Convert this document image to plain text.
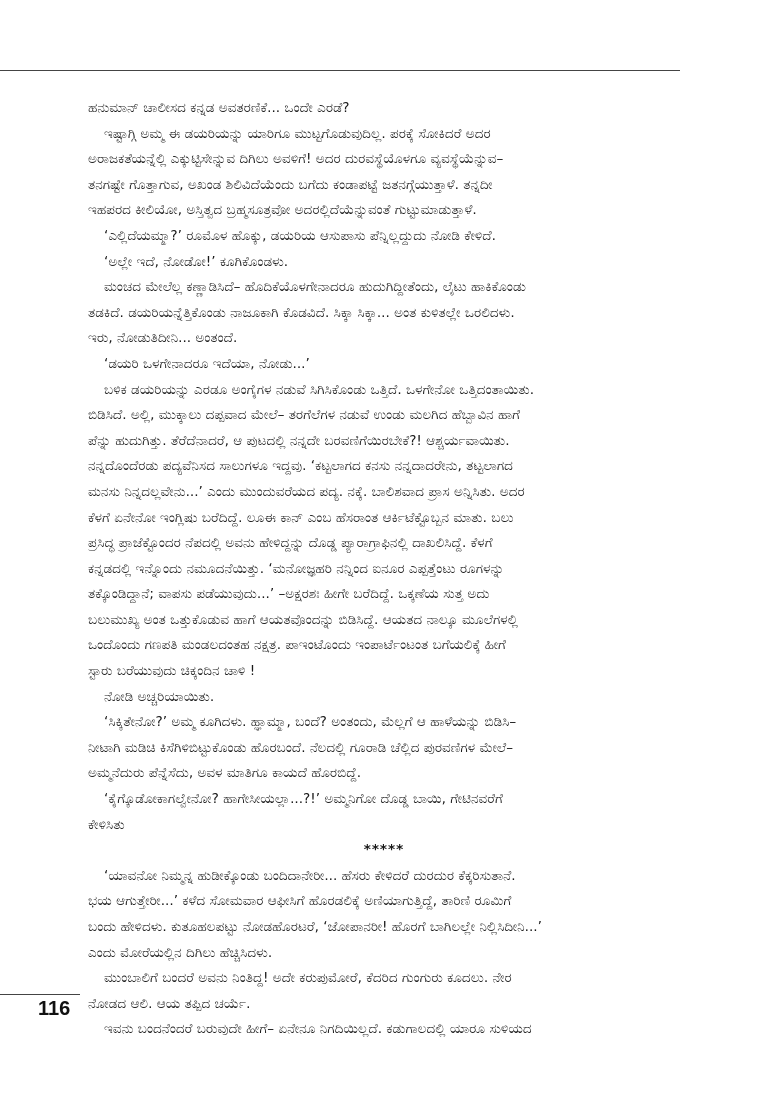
ಹನುಮಾನ್ ಚಾಲೀಸದ ಕನ್ನಡ ಅವತರಣಿಕೆ... ಒಂದೇ ಎರಡೆ?
ಇಷ್ಟಾಗ್ಗಿ ಅಮ್ಮ ಈ ಡಯರಿಯನ್ನು ಯಾರಿಗೂ ಮುಟ್ಟಗೊಡುವುದಿಲ್ಲ. ಪರಕ್ಕೆ ಸೋಕಿದರೆ ಅದರ
ಅರಾಜಕತೆಯನ್ನೆಲ್ಲಿ ಎಕ್ಕುಟ್ಟಿಸೇನ್ನುವ ದಿಗಿಲು ಅವಳಿಗೆ! ಅದರ ದುರವಸ್ಥೆಯೊಳಗೂ ವ್ಯವಸ್ಥೆಯೆನ್ನುವ–
ತನಗಷ್ಟೇ ಗೊತ್ತಾಗುವ, ಅಖಂಡ ಶಿಲಿವಿದೆಯೆಂದು ಬಗೆದು ಕಂಡಾಪಟ್ಟೆ ಜತನಗ್ಗೆಯುತ್ತಾಳೆ. ತನ್ನದೀ
ಇಹಪರದ ಕೀಲಿಯೋ, ಅಸ್ತಿತ್ವದ ಬ್ರಹ್ಮಸೂತ್ರವೋ ಅದರಲ್ಲಿದೆಯೆನ್ನುವಂತೆ ಗುಟ್ಟುಮಾಡುತ್ತಾಳೆ.
‘ಎಲ್ಲಿದೆಯಮ್ಮಾ?’ ರೂಮೊಳ ಹೊಕ್ಕು, ಡಯರಿಯ ಆಸುಪಾಸು ಪೆನ್ನಿಲ್ಲದ್ದುದು ನೋಡಿ ಕೇಳಿದೆ.
‘ಅಲ್ಲೇ ಇದೆ, ನೋಡೋ!’ ಕೂಗಿಕೊಂಡಳು.
ಮಂಚದ ಮೇಲೆಲ್ಲ ಕಣ್ಣಾಡಿಸಿದೆ– ಹೊದಿಕೆಯೊಳಗೇನಾದರೂ ಹುದುಗಿದ್ದೀತೆಂದು, ಲೈಟು ಹಾಕಿಕೊಂಡು
ತಡಕಿದೆ. ಡಯರಿಯನ್ನೆತ್ತಿಕೊಂಡು ನಾಜೂಕಾಗಿ ಕೊಡವಿದೆ. ಸಿಕ್ಕಾ ಸಿಕ್ಕಾ... ಅಂತ ಕುಳಿತಲ್ಲೇ ಒರಲಿದಳು.
ಇರು, ನೋಡುತಿದೀನಿ... ಅಂತಂದೆ.
‘ಡಯರಿ ಒಳಗೇನಾದರೂ ಇದೆಯಾ, ನೋಡು...’
ಬಳಿಕ ಡಯರಿಯನ್ನು ಎರಡೂ ಅಂಗೈಗಳ ನಡುವೆ ಸಿಗಿಸಿಕೊಂಡು ಒತ್ತಿದೆ. ಒಳಗೇನೋ ಒತ್ತಿದಂತಾಯಿತು.
ಬಿಡಿಸಿದೆ. ಅಲ್ಲಿ, ಮುಕ್ಕಾಲು ದಪ್ಪವಾದ ಮೇಲೆ– ತರಗೆಲೆಗಳ ನಡುವೆ ಉಂಡು ಮಲಗಿದ ಹೆಬ್ಬಾವಿನ ಹಾಗೆ
ಪೆನ್ನು ಹುದುಗಿತ್ತು. ತೆರೆದೆನಾದರೆ, ಆ ಪುಟದಲ್ಲಿ ನನ್ನದೇ ಬರವಣಿಗೆಯಿರಬೇಕೆ?! ಆಶ್ಚರ್ಯವಾಯಿತು.
ನನ್ನದೊಂದೆರಡು ಪದ್ಯವೆನಿಸದ ಸಾಲುಗಳೂ ಇದ್ದವು. ‘ಕಟ್ಟಲಾಗದ ಕನಸು ನನ್ನದಾದರೇನು, ತಟ್ಟಲಾಗದ
ಮನಸು ನಿನ್ನದಲ್ಲವೇನು...’ ಎಂದು ಮುಂದುವರೆಯದ ಪದ್ಯ. ನಕ್ಕೆ. ಬಾಲಿಶವಾದ ಪ್ರಾಸ ಅನ್ನಿಸಿತು. ಅದರ
ಕೆಳಗೆ ಏನೇನೋ ಇಂಗ್ಲಿಷು ಬರೆದಿದ್ದೆ. ಲೂಈ ಕಾನ್ ಎಂಬ ಹೆಸರಾಂತ ಆರ್ಕಿಟೆಕ್ಟೊಬ್ಬನ ಮಾತು. ಬಲು
ಪ್ರಸಿದ್ಧ ಪ್ರಾಜೆಕ್ಟೊಂದರ ನೆಪದಲ್ಲಿ ಅವನು ಹೇಳಿದ್ದನ್ನು ದೊಡ್ಡ ಪ್ಯಾರಾಗ್ರಾಫಿನಲ್ಲಿ ದಾಖಲಿಸಿದ್ದೆ. ಕೆಳಗೆ
ಕನ್ನಡದಲ್ಲಿ ಇನ್ನೊಂದು ನಮೂದನೆಯಿತ್ತು. ‘ಮನೋಜ್ಞಹರಿ ನನ್ನಿಂದ ಐನೂರ ಎಪ್ಪತ್ತೆಂಟು ರೂಗಳನ್ನು
ತಕ್ಕೊಂಡಿದ್ದಾನೆ; ವಾಪಸು ಪಡೆಯುವುದು...’ –ಅಕ್ಷರಶಃ ಹೀಗೇ ಬರೆದಿದ್ದೆ. ಒಕ್ಕಣೆಯ ಸುತ್ತ ಅದು
ಬಲುಮುಖ್ಯ ಅಂತ ಒತ್ತುಕೊಡುವ ಹಾಗೆ ಆಯತವೊಂದನ್ನು ಬಿಡಿಸಿದ್ದೆ. ಆಯತದ ನಾಲ್ಕೂ ಮೂಲೆಗಳಲ್ಲಿ
ಒಂದೊಂದು ಗಣಪತಿ ಮಂಡಲದಂತಹ ನಕ್ಷತ್ರ. ಪಾಇಂಟೊಂದು ಇಂಪಾರ್ಟೆಂಟಂತ ಬಗೆಯಲಿಕ್ಕೆ ಹೀಗೆ
ಸ್ಟಾರು ಬರೆಯುವುದು ಚಿಕ್ಕಂದಿನ ಚಾಳಿ !
ನೋಡಿ ಅಚ್ಚರಿಯಾಯಿತು.
‘ಸಿಕ್ಕಿತೇನೋ?’ ಅಮ್ಮ ಕೂಗಿದಳು. ಹ್ಞಾಮ್ಮಾ, ಬಂದೆ? ಅಂತಂದು, ಮೆಲ್ಲಗೆ ಆ ಹಾಳೆಯನ್ನು ಬಿಡಿಸಿ–
ನೀಟಾಗಿ ಮಡಿಚಿ ಕಿಸೆಗಿಳಿಬಿಟ್ಟುಕೊಂಡು ಹೊರಬಂದೆ. ನೆಲದಲ್ಲಿ ಗೂರಾಡಿ ಚೆಲ್ಲಿದ ಪುರವಣಿಗಳ ಮೇಲೆ–
ಅಮ್ಮನೆದುರು ಪೆನ್ನೆಸೆದು, ಅವಳ ಮಾತಿಗೂ ಕಾಯದೆ ಹೊರಬಿದ್ದೆ.
‘ಕೈಗ್ಕೊಡೋಕಾಗಲ್ವೇನೋ? ಹಾಗೇಸೀಯಲ್ಲಾ...?!’ ಅಮ್ಮನಿಗೋ ದೊಡ್ಡ ಬಾಯಿ, ಗೇಟಿನವರೆಗೆ
ಕೇಳಿಸಿತು
*****
‘ಯಾವನೋ ನಿಮ್ಮನ್ನ ಹುಡೀಕ್ಕೊಂಡು ಬಂದಿದಾನೇರೀ... ಹೆಸರು ಕೇಳಿದರೆ ದುರದುರ ಕೆಕ್ಕರಿಸುತಾನೆ.
ಭಯ ಆಗುತ್ತೇರೀ...’ ಕಳೆದ ಸೋಮವಾರ ಆಫೀಸಿಗೆ ಹೊರಡಲಿಕ್ಕೆ ಅಣಿಯಾಗುತ್ತಿದ್ದೆ, ತಾರಿಣಿ ರೂಮಿಗೆ
ಬಂದು ಹೇಳಿದಳು. ಕುತೂಹಲಪಟ್ಟು ನೋಡಹೊರಟರೆ, ‘ಜೋಪಾನರೀ! ಹೊರಗೆ ಬಾಗಿಲಲ್ಲೇ ನಿಲ್ಲಿಸಿದೀನಿ...’
ಎಂದು ಮೋರೆಯಲ್ಲಿನ ದಿಗಿಲು ಹೆಚ್ಚಿಸಿದಳು.
ಮುಂಬಾಲಿಗೆ ಬಂದರೆ ಅವನು ನಿಂತಿದ್ದ! ಅದೇ ಕರುಪುಮೋರೆ, ಕೆದರಿದ ಗುಂಗುರು ಕೂದಲು. ನೇರ
ನೋಡದ ಆಲಿ. ಆಯ ತಪ್ಪಿದ ಚರ್ಯೆ.
ಇವನು ಬಂದನೆಂದರೆ ಬರುವುದೇ ಹೀಗೆ– ಏನೇನೂ ನಿಗದಿಯಿಲ್ಲದೆ. ಕಡುಗಾಲದಲ್ಲಿ ಯಾರೂ ಸುಳಿಯದ
116
